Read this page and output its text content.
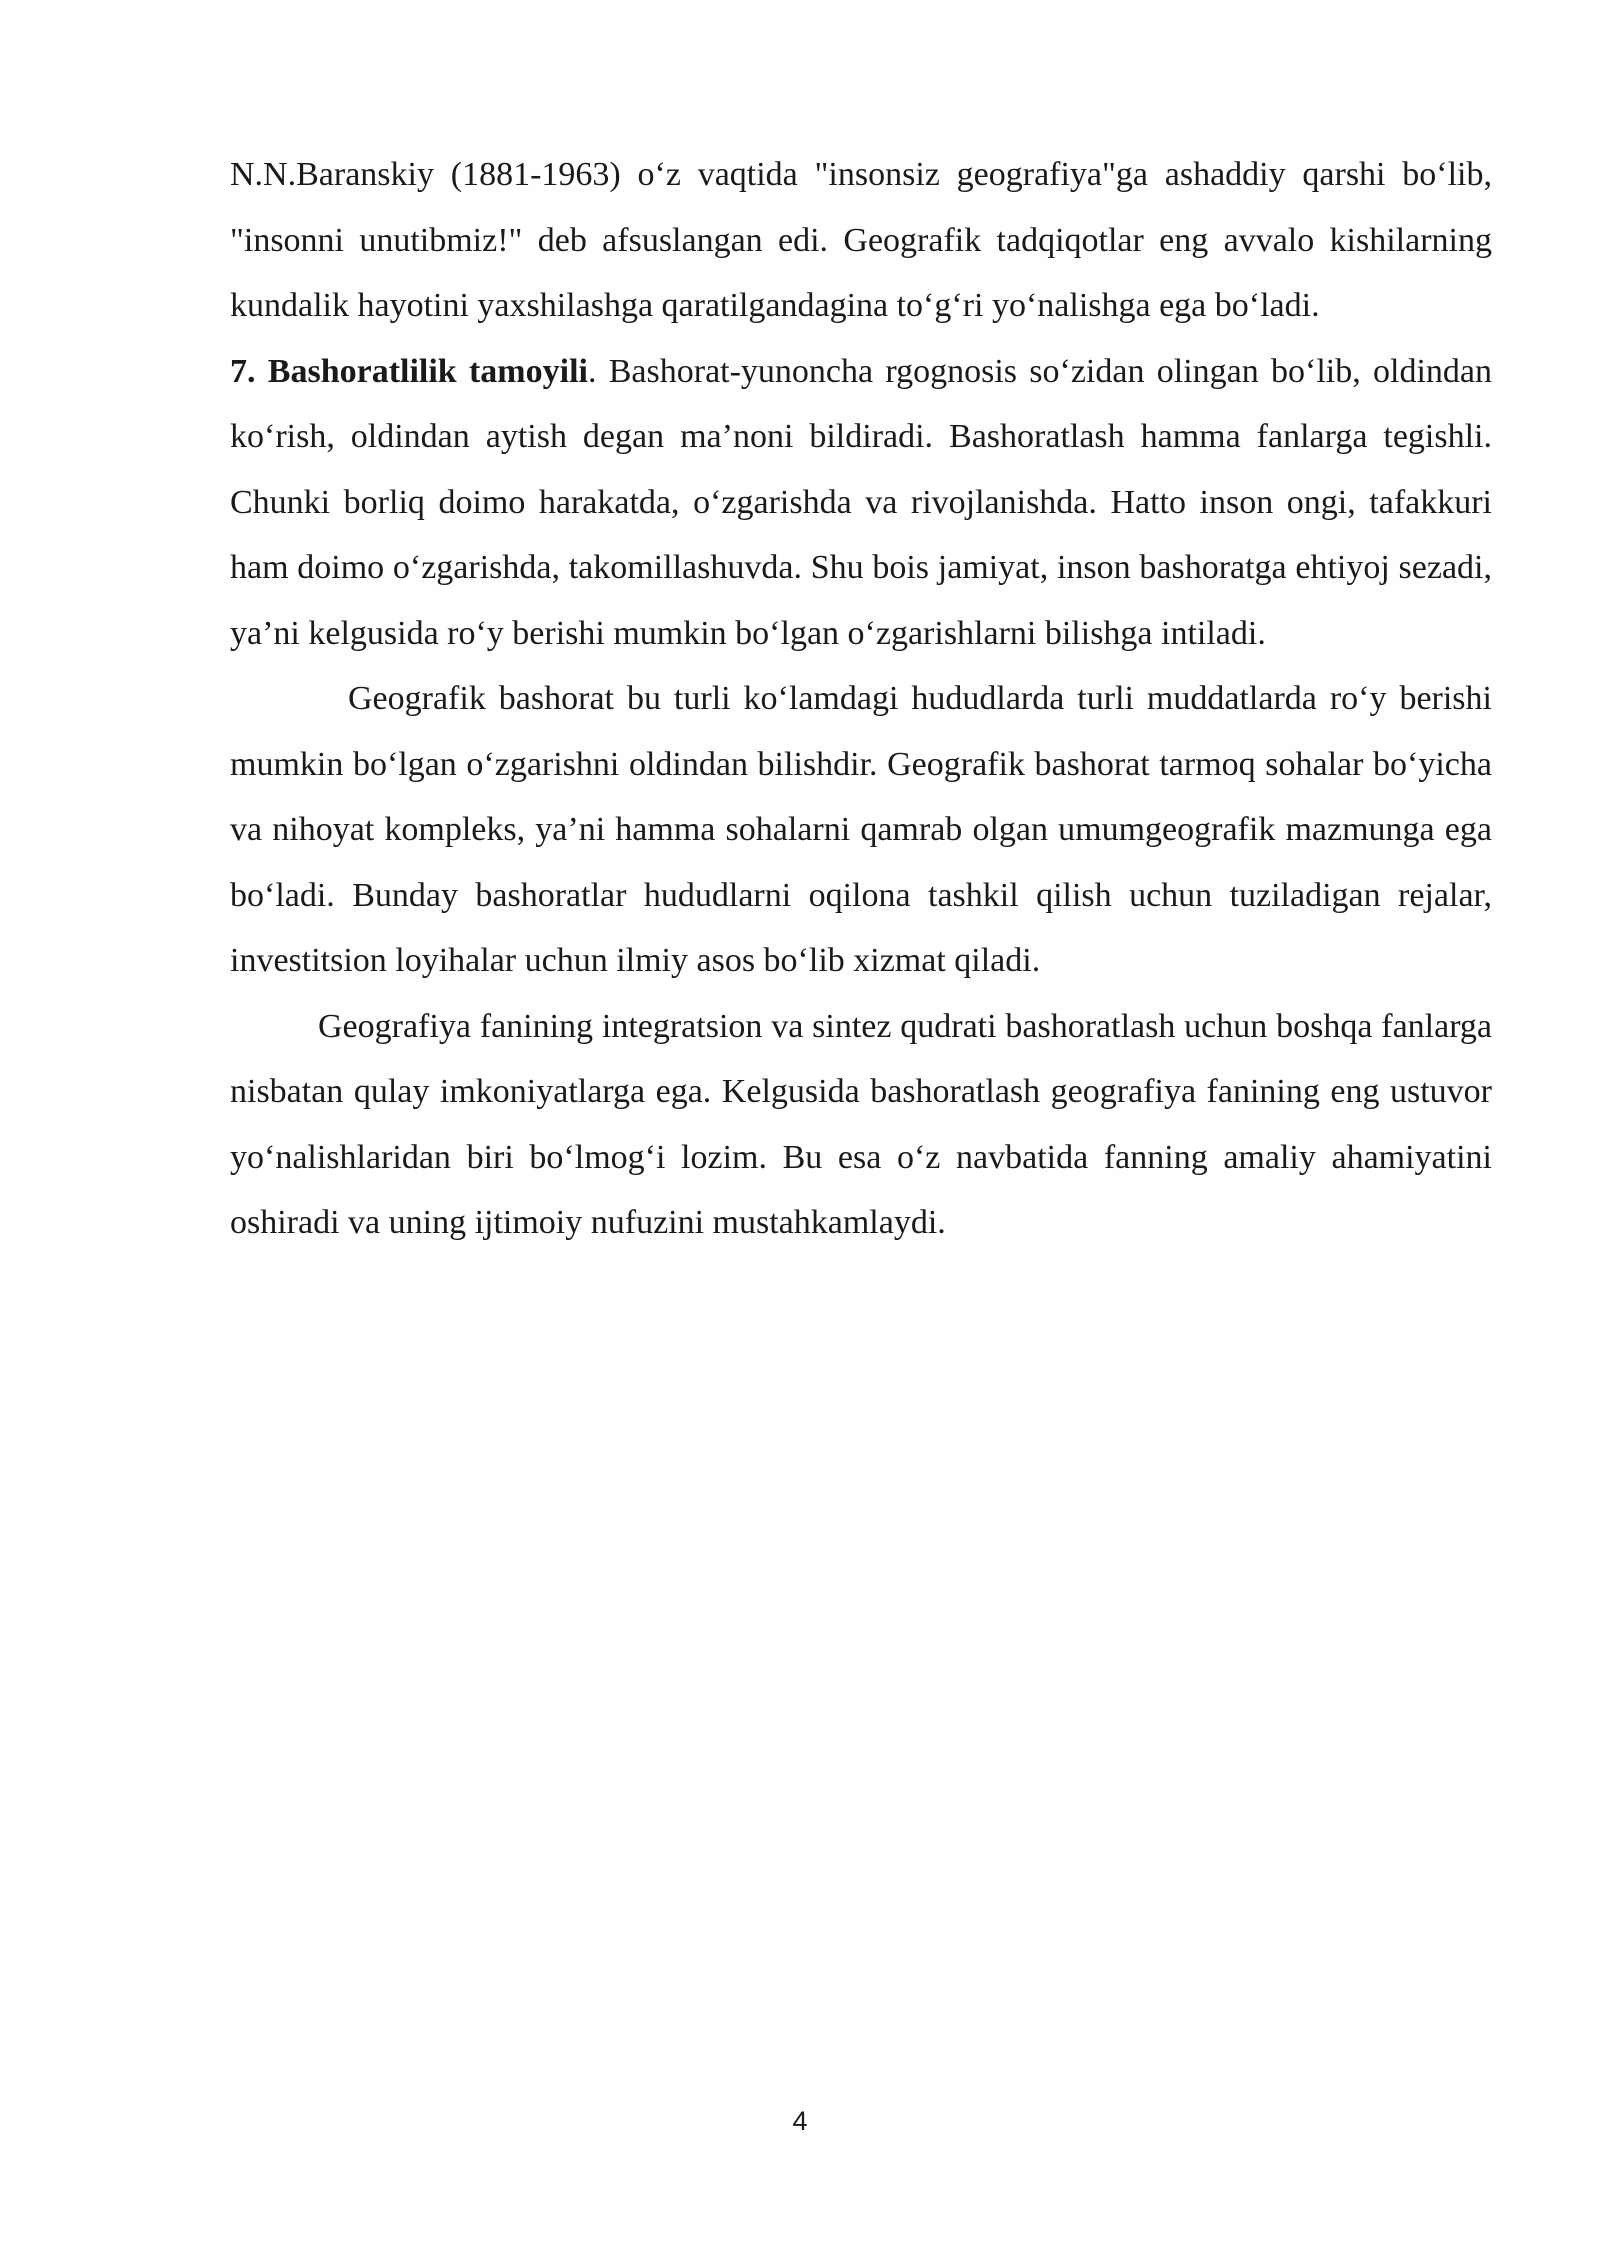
N.N.Baranskiy (1881-1963) o‘z vaqtida "insonsiz geografiya"ga ashaddiy qarshi bo‘lib, "insonni unutibmiz!" deb afsuslangan edi. Geografik tadqiqotlar eng avvalo kishilarning kundalik hayotini yaxshilashga qaratilgandagina to‘g‘ri yo‘nalishga ega bo‘ladi.

7. Bashoratlilik tamoyili. Bashorat-yunoncha rgognosis so‘zidan olingan bo‘lib, oldindan ko‘rish, oldindan aytish degan ma’noni bildiradi. Bashoratlash hamma fanlarga tegishli. Chunki borliq doimo harakatda, o‘zgarishda va rivojlanishda. Hatto inson ongi, tafakkuri ham doimo o‘zgarishda, takomillashuvda. Shu bois jamiyat, inson bashoratga ehtiyoj sezadi, ya’ni kelgusida ro‘y berishi mumkin bo‘lgan o‘zgarishlarni bilishga intiladi.

Geografik bashorat bu turli ko‘lamdagi hududlarda turli muddatlarda ro‘y berishi mumkin bo‘lgan o‘zgarishni oldindan bilishdir. Geografik bashorat tarmoq sohalar bo‘yicha va nihoyat kompleks, ya’ni hamma sohalarni qamrab olgan umumgeografik mazmunga ega bo‘ladi. Bunday bashoratlar hududlarni oqilona tashkil qilish uchun tuziladigan rejalar, investitsion loyihalar uchun ilmiy asos bo‘lib xizmat qiladi.

Geografiya fanining integratsion va sintez qudrati bashoratlash uchun boshqa fanlarga nisbatan qulay imkoniyatlarga ega. Kelgusida bashoratlash geografiya fanining eng ustuvor yo‘nalishlaridan biri bo‘lmog‘i lozim. Bu esa o‘z navbatida fanning amaliy ahamiyatini oshiradi va uning ijtimoiy nufuzini mustahkamlaydi.

4
